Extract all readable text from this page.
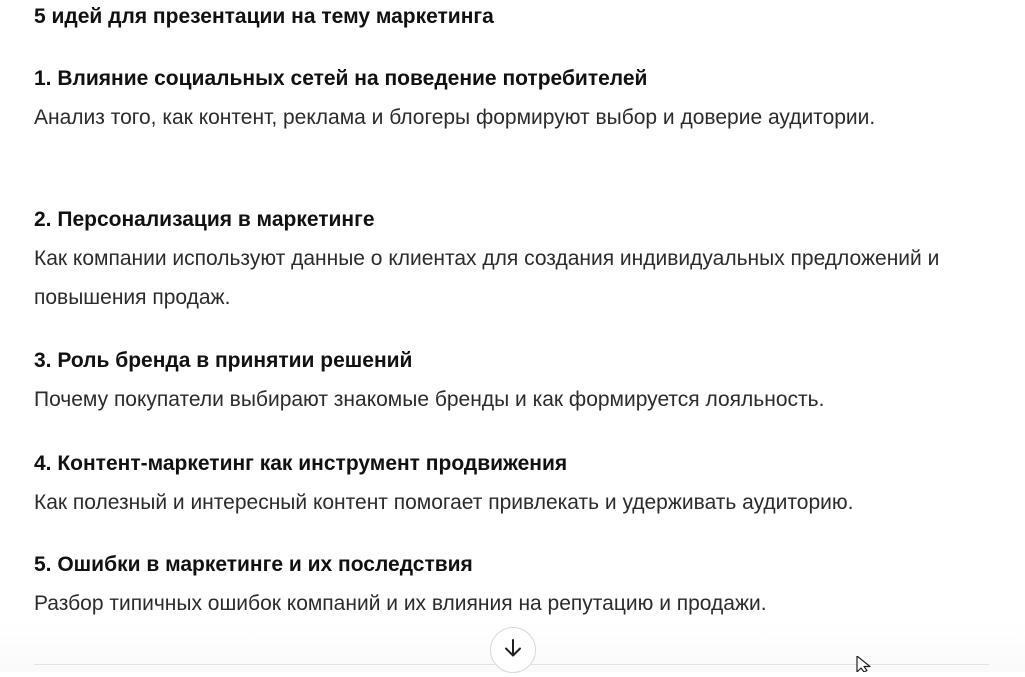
5 идей для презентации на тему маркетинга
1. Влияние социальных сетей на поведение потребителей
Анализ того, как контент, реклама и блогеры формируют выбор и доверие аудитории.
2. Персонализация в маркетинге
Как компании используют данные о клиентах для создания индивидуальных предложений и повышения продаж.
3. Роль бренда в принятии решений
Почему покупатели выбирают знакомые бренды и как формируется лояльность.
4. Контент-маркетинг как инструмент продвижения
Как полезный и интересный контент помогает привлекать и удерживать аудиторию.
5. Ошибки в маркетинге и их последствия
Разбор типичных ошибок компаний и их влияния на репутацию и продажи.
